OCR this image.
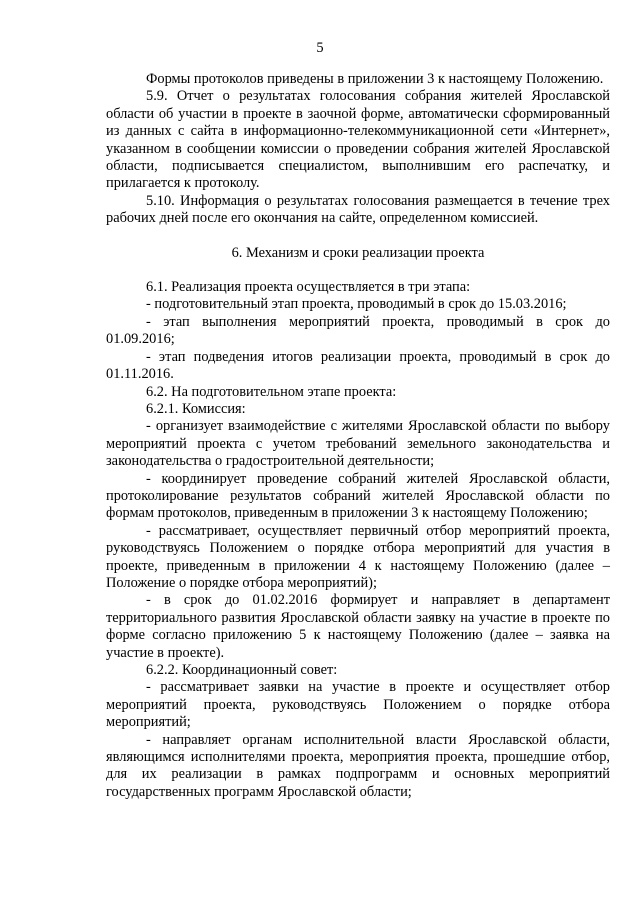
5

Формы протоколов приведены в приложении 3 к настоящему Положению.

5.9. Отчет о результатах голосования собрания жителей Ярославской области об участии в проекте в заочной форме, автоматически сформированный из данных с сайта в информационно-телекоммуникационной сети «Интернет», указанном в сообщении комиссии о проведении собрания жителей Ярославской области, подписывается специалистом, выполнившим его распечатку, и прилагается к протоколу.

5.10. Информация о результатах голосования размещается в течение трех рабочих дней после его окончания на сайте, определенном комиссией.

6. Механизм и сроки реализации проекта

6.1. Реализация проекта осуществляется в три этапа:

- подготовительный этап проекта, проводимый в срок до 15.03.2016;

- этап выполнения мероприятий проекта, проводимый в срок до 01.09.2016;

- этап подведения итогов реализации проекта, проводимый в срок до 01.11.2016.

6.2. На подготовительном этапе проекта:

6.2.1. Комиссия:

- организует взаимодействие с жителями Ярославской области по выбору мероприятий проекта с учетом требований земельного законодательства и законодательства о градостроительной деятельности;

- координирует проведение собраний жителей Ярославской области, протоколирование результатов собраний жителей Ярославской области по формам протоколов, приведенным в приложении 3 к настоящему Положению;

- рассматривает, осуществляет первичный отбор мероприятий проекта, руководствуясь Положением о порядке отбора мероприятий для участия в проекте, приведенным в приложении 4 к настоящему Положению (далее – Положение о порядке отбора мероприятий);

- в срок до 01.02.2016 формирует и направляет в департамент территориального развития Ярославской области заявку на участие в проекте по форме согласно приложению 5 к настоящему Положению (далее – заявка на участие в проекте).

6.2.2. Координационный совет:

- рассматривает заявки на участие в проекте и осуществляет отбор мероприятий проекта, руководствуясь Положением о порядке отбора мероприятий;

- направляет органам исполнительной власти Ярославской области, являющимся исполнителями проекта, мероприятия проекта, прошедшие отбор, для их реализации в рамках подпрограмм и основных мероприятий государственных программ Ярославской области;
